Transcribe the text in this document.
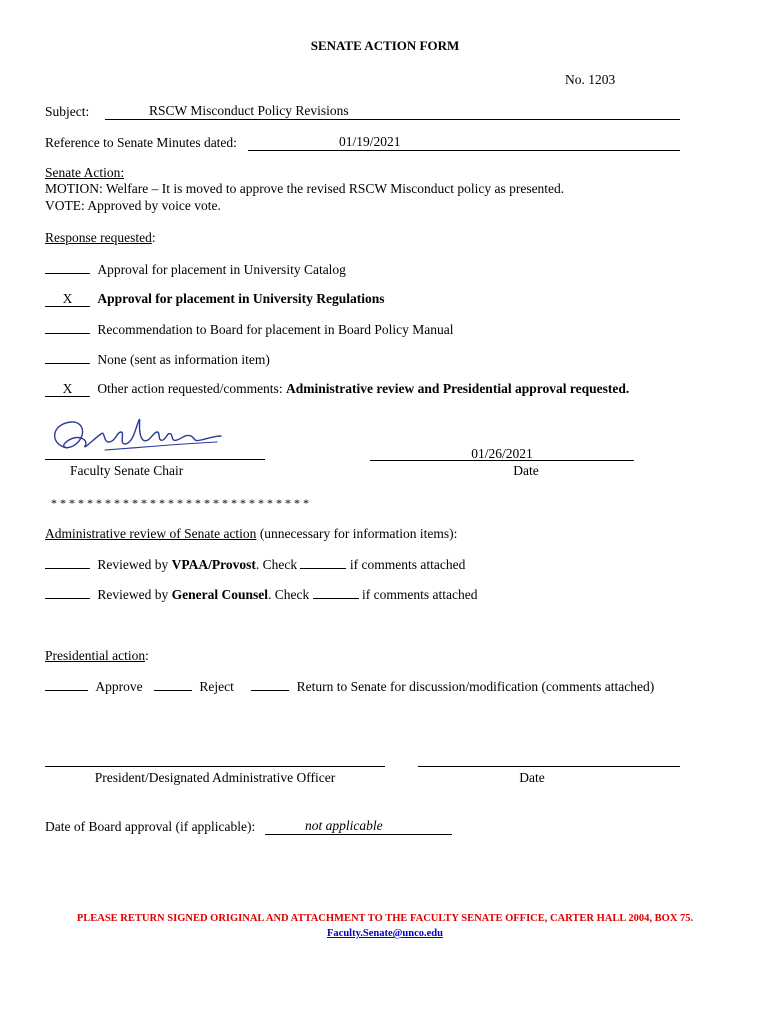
SENATE ACTION FORM
No. 1203
Subject:	RSCW Misconduct Policy Revisions
Reference to Senate Minutes dated:	01/19/2021
Senate Action:
MOTION: Welfare – It is moved to approve the revised RSCW Misconduct policy as presented.
VOTE: Approved by voice vote.
Response requested:
Approval for placement in University Catalog
X Approval for placement in University Regulations
Recommendation to Board for placement in Board Policy Manual
None (sent as information item)
X Other action requested/comments: Administrative review and Presidential approval requested.
Faculty Senate Chair
01/26/2021
Date
* * * * * * * * * * * * * * * * * * * * * * * * * * * * *
Administrative review of Senate action (unnecessary for information items):
Reviewed by VPAA/Provost. Check	if comments attached
Reviewed by General Counsel. Check	if comments attached
Presidential action:
Approve	Reject	Return to Senate for discussion/modification (comments attached)
President/Designated Administrative Officer	Date
Date of Board approval (if applicable):	not applicable
PLEASE RETURN SIGNED ORIGINAL AND ATTACHMENT TO THE FACULTY SENATE OFFICE, CARTER HALL 2004, BOX 75.
Faculty.Senate@unco.edu
